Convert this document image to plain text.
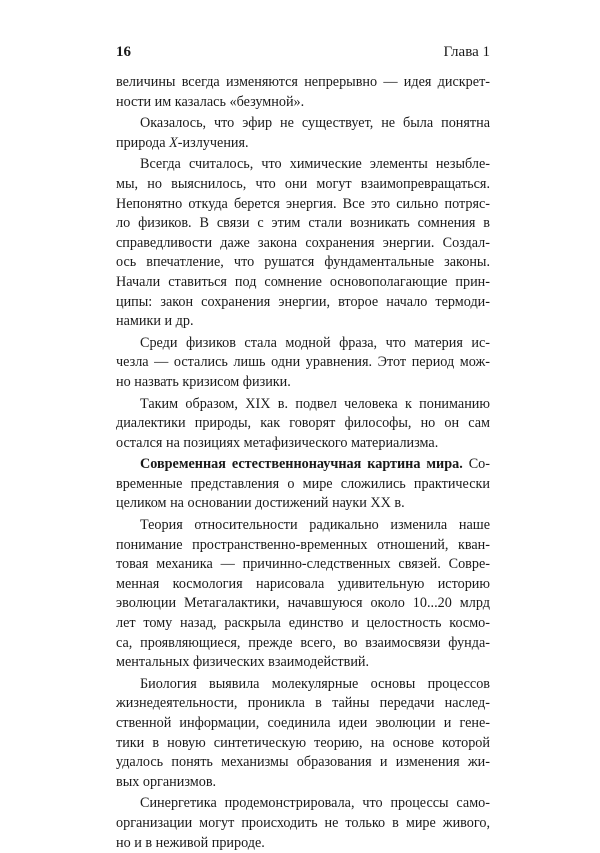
16	Глава 1

величины всегда изменяются непрерывно — идея дискрет-
ности им казалась «безумной».

Оказалось, что эфир не существует, не была понятна
природа X-излучения.

Всегда считалось, что химические элементы незыбле-
мы, но выяснилось, что они могут взаимопревращаться.
Непонятно откуда берется энергия. Все это сильно потряс-
ло физиков. В связи с этим стали возникать сомнения в
справедливости даже закона сохранения энергии. Создал-
ось впечатление, что рушатся фундаментальные законы.
Начали ставиться под сомнение основополагающие прин-
ципы: закон сохранения энергии, второе начало термоди-
намики и др.

Среди физиков стала модной фраза, что материя ис-
чезла — остались лишь одни уравнения. Этот период мож-
но назвать кризисом физики.

Таким образом, XIX в. подвел человека к пониманию
диалектики природы, как говорят философы, но он сам
остался на позициях метафизического материализма.

Современная естественнонаучная картина мира. Со-
временные представления о мире сложились практически
целиком на основании достижений науки XX в.

Теория относительности радикально изменила наше
понимание пространственно-временных отношений, кван-
товая механика — причинно-следственных связей. Совре-
менная космология нарисовала удивительную историю
эволюции Метагалактики, начавшуюся около 10...20 млрд
лет тому назад, раскрыла единство и целостность космо-
са, проявляющиеся, прежде всего, во взаимосвязи фунда-
ментальных физических взаимодействий.

Биология выявила молекулярные основы процессов
жизнедеятельности, проникла в тайны передачи наслед-
ственной информации, соединила идеи эволюции и гене-
тики в новую синтетическую теорию, на основе которой
удалось понять механизмы образования и изменения жи-
вых организмов.

Синергетика продемонстрировала, что процессы само-
организации могут происходить не только в мире живого,
но и в неживой природе.
